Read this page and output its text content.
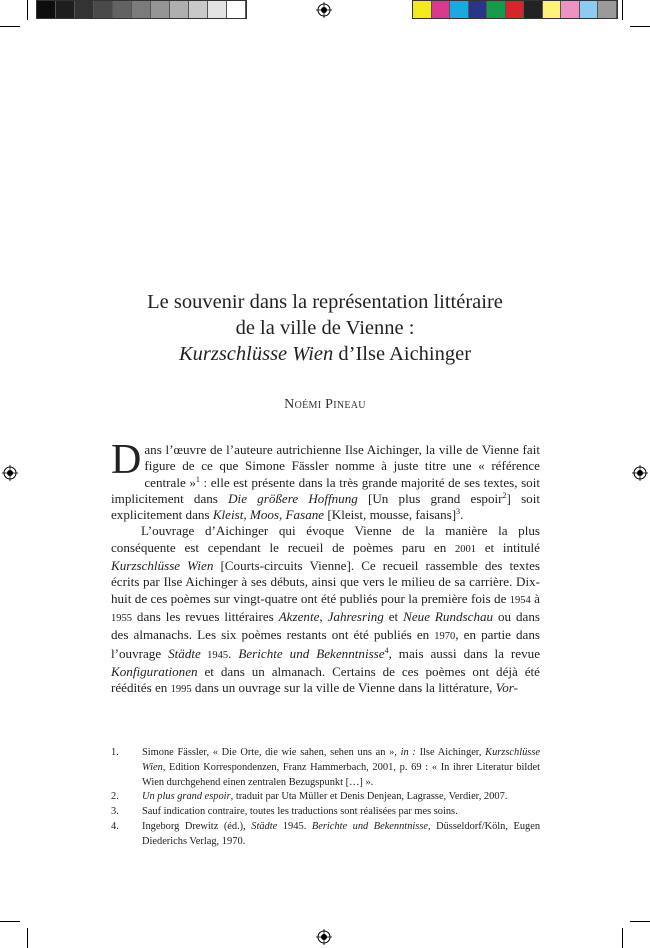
Le souvenir dans la représentation littéraire
de la ville de Vienne :
Kurzschlüsse Wien d’Ilse Aichinger
Noémi Pineau

Dans l’œuvre de l’auteure autrichienne Ilse Aichinger, la ville de Vienne fait figure de ce que Simone Fässler nomme à juste titre une « référence centrale »$^1$ : elle est présente dans la très grande majorité de ses textes, soit implicitement dans Die größere Hoffnung [Un plus grand espoir$^2$] soit explicitement dans Kleist, Moos, Fasane [Kleist, mousse, faisans]$^3$.

L’ouvrage d’Aichinger qui évoque Vienne de la manière la plus conséquente est cependant le recueil de poèmes paru en 2001 et intitulé Kurzschlüsse Wien [Courts-circuits Vienne]. Ce recueil rassemble des textes écrits par Ilse Aichinger à ses débuts, ainsi que vers le milieu de sa carrière. Dix-huit de ces poèmes sur vingt-quatre ont été publiés pour la première fois de 1954 à 1955 dans les revues littéraires Akzente, Jahresring et Neue Rundschau ou dans des almanachs. Les six poèmes restants ont été publiés en 1970, en partie dans l’ouvrage Städte 1945. Berichte und Bekenntnisse$^4$, mais aussi dans la revue Konfigurationen et dans un almanach. Certains de ces poèmes ont déjà été réédités en 1995 dans un ouvrage sur la ville de Vienne dans la littérature, Vor-

1. Simone Fässler, « Die Orte, die wie sahen, sehen uns an », in : Ilse Aichinger, Kurzschlüsse Wien, Edition Korrespondenzen, Franz Hammerbach, 2001, p. 69 : « In ihrer Literatur bildet Wien durchgehend einen zentralen Bezugspunkt […] ».
2. Un plus grand espoir, traduit par Uta Müller et Denis Denjean, Lagrasse, Verdier, 2007.
3. Sauf indication contraire, toutes les traductions sont réalisées par mes soins.
4. Ingeborg Drewitz (éd.), Städte 1945. Berichte und Bekenntnisse, Düsseldorf/Köln, Eugen Diederichs Verlag, 1970.
